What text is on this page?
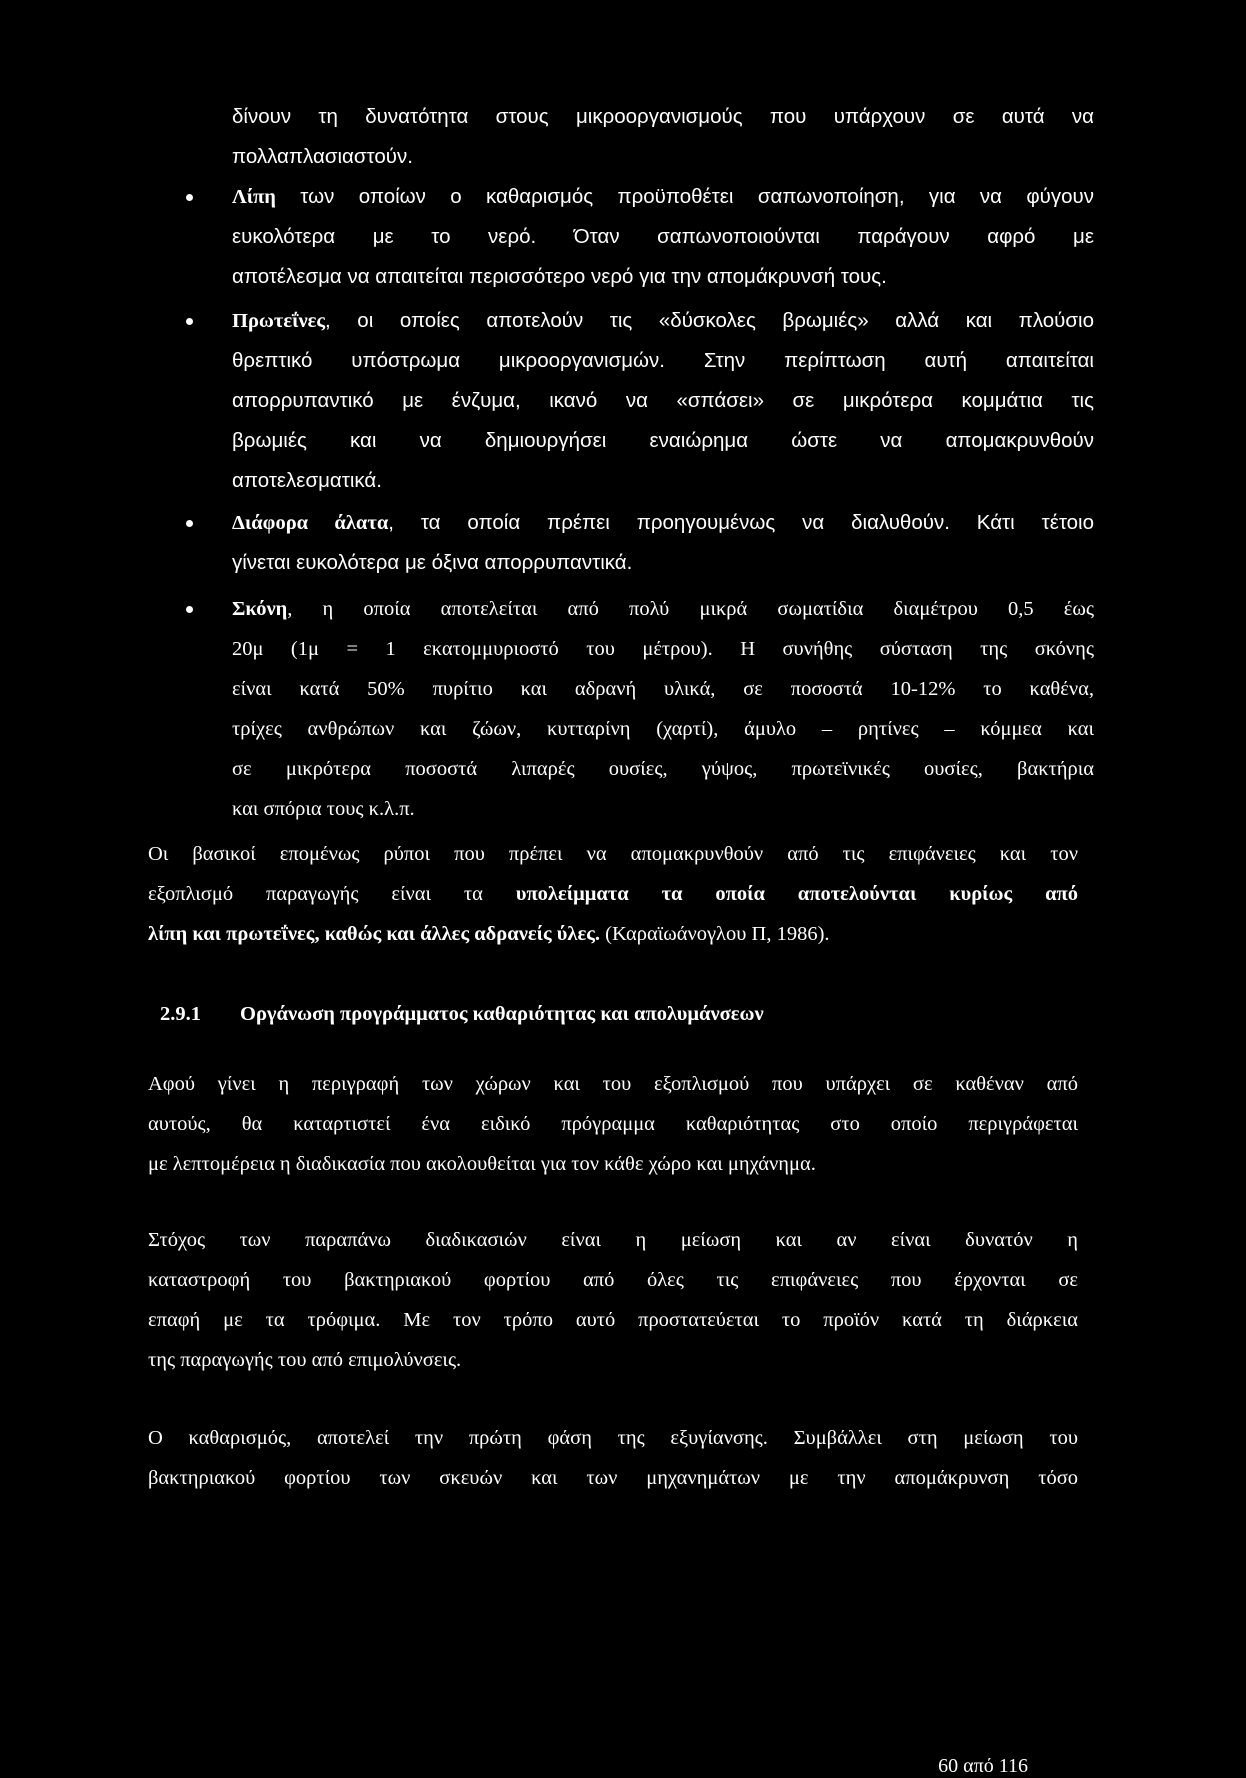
δίνουν τη δυνατότητα στους μικροοργανισμούς που υπάρχουν σε αυτά να
πολλαπλασιαστούν.
Λίπη των οποίων ο καθαρισμός προϋποθέτει σαπωνοποίηση, για να φύγουν
ευκολότερα με το νερό. Όταν σαπωνοποιούνται παράγουν αφρό με
αποτέλεσμα να απαιτείται περισσότερο νερό για την απομάκρυνσή τους.
Πρωτεΐνες, οι οποίες αποτελούν τις «δύσκολες βρωμιές» αλλά και πλούσιο
θρεπτικό υπόστρωμα μικροοργανισμών. Στην περίπτωση αυτή απαιτείται
απορρυπαντικό με ένζυμα, ικανό να «σπάσει» σε μικρότερα κομμάτια τις
βρωμιές και να δημιουργήσει εναιώρημα ώστε να απομακρυνθούν
αποτελεσματικά.
Διάφορα άλατα, τα οποία πρέπει προηγουμένως να διαλυθούν. Κάτι τέτοιο
γίνεται ευκολότερα με όξινα απορρυπαντικά.
Σκόνη, η οποία αποτελείται από πολύ μικρά σωματίδια διαμέτρου 0,5 έως
20μ (1μ = 1 εκατομμυριοστό του μέτρου). Η συνήθης σύσταση της σκόνης
είναι κατά 50% πυρίτιο και αδρανή υλικά, σε ποσοστά 10-12% το καθένα,
τρίχες ανθρώπων και ζώων, κυτταρίνη (χαρτί), άμυλο – ρητίνες – κόμμεα και
σε μικρότερα ποσοστά λιπαρές ουσίες, γύψος, πρωτεϊνικές ουσίες, βακτήρια
και σπόρια τους κ.λ.π.
Οι βασικοί επομένως ρύποι που πρέπει να απομακρυνθούν από τις επιφάνειες και τον
εξοπλισμό παραγωγής είναι τα υπολείμματα τα οποία αποτελούνται κυρίως από
λίπη και πρωτεΐνες, καθώς και άλλες αδρανείς ύλες. (Καραϊωάνογλου Π, 1986).
2.9.1 Οργάνωση προγράμματος καθαριότητας και απολυμάνσεων
Αφού γίνει η περιγραφή των χώρων και του εξοπλισμού που υπάρχει σε καθέναν από
αυτούς, θα καταρτιστεί ένα ειδικό πρόγραμμα καθαριότητας στο οποίο περιγράφεται
με λεπτομέρεια η διαδικασία που ακολουθείται για τον κάθε χώρο και μηχάνημα.
Στόχος των παραπάνω διαδικασιών είναι η μείωση και αν είναι δυνατόν η
καταστροφή του βακτηριακού φορτίου από όλες τις επιφάνειες που έρχονται σε
επαφή με τα τρόφιμα. Με τον τρόπο αυτό προστατεύεται το προϊόν κατά τη διάρκεια
της παραγωγής του από επιμολύνσεις.
Ο καθαρισμός, αποτελεί την πρώτη φάση της εξυγίανσης. Συμβάλλει στη μείωση του
βακτηριακού φορτίου των σκευών και των μηχανημάτων με την απομάκρυνση τόσο
60 από 116
